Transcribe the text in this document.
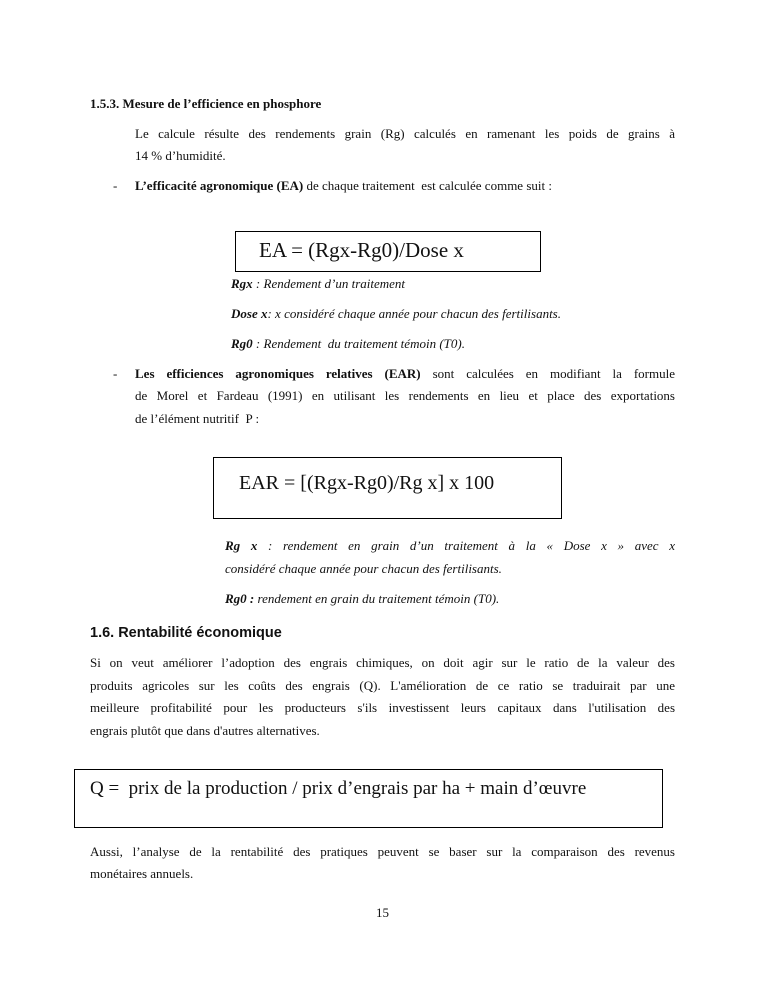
1.5.3. Mesure de l’efficience en phosphore
Le calcule résulte des rendements grain (Rg) calculés en ramenant les poids de grains à
14 % d’humidité.
- L’efficacité agronomique (EA) de chaque traitement  est calculée comme suit :
EA = (Rgx-Rg0)/Dose x
Rgx : Rendement d’un traitement
Dose x: x considéré chaque année pour chacun des fertilisants.
Rg0 : Rendement  du traitement témoin (T0).
- Les efficiences agronomiques relatives (EAR) sont calculées en modifiant la formule
de Morel et Fardeau (1991) en utilisant les rendements en lieu et place des exportations
de l’élément nutritif  P :
EAR = [(Rgx-Rg0)/Rg x] x 100
Rg x : rendement en grain d’un traitement à la « Dose x » avec x
considéré chaque année pour chacun des fertilisants.
Rg0 : rendement en grain du traitement témoin (T0).
1.6. Rentabilité économique
Si on veut améliorer l’adoption des engrais chimiques, on doit agir sur le ratio de la valeur des
produits agricoles sur les coûts des engrais (Q). L'amélioration de ce ratio se traduirait par une
meilleure profitabilité pour les producteurs s'ils investissent leurs capitaux dans l'utilisation des
engrais plutôt que dans d'autres alternatives.
Q =  prix de la production / prix d’engrais par ha + main d’œuvre
Aussi, l’analyse de la rentabilité des pratiques peuvent se baser sur la comparaison des revenus
monétaires annuels.
15
